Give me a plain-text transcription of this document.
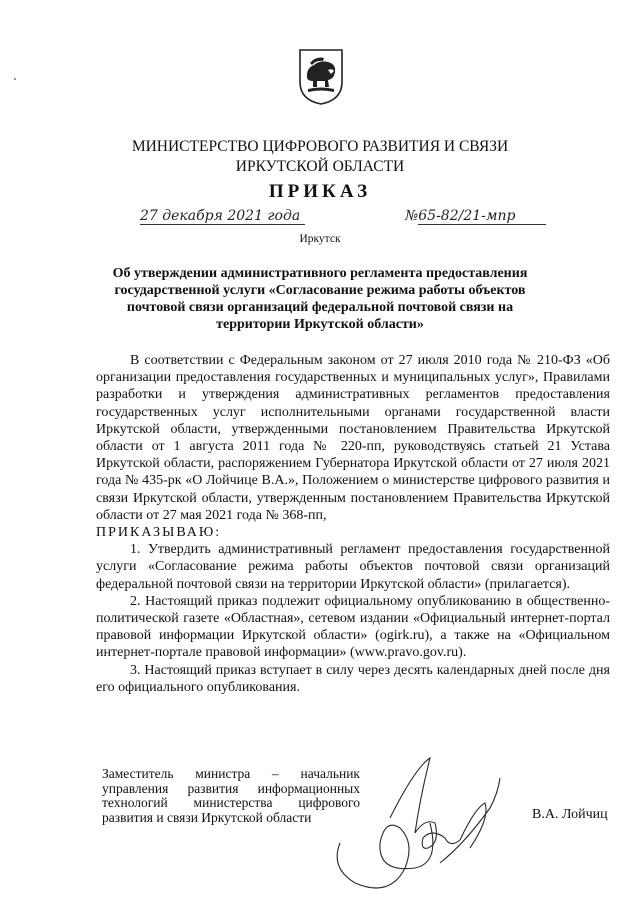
МИНИСТЕРСТВО ЦИФРОВОГО РАЗВИТИЯ И СВЯЗИ
ИРКУТСКОЙ ОБЛАСТИ
ПРИКАЗ
27 декабря 2021 года	№65-82/21-мпр
Иркутск
Об утверждении административного регламента предоставления государственной услуги «Согласование режима работы объектов почтовой связи организаций федеральной почтовой связи на территории Иркутской области»

В соответствии с Федеральным законом от 27 июля 2010 года № 210-ФЗ «Об организации предоставления государственных и муниципальных услуг», Правилами разработки и утверждения административных регламентов предоставления государственных услуг исполнительными органами государственной власти Иркутской области, утвержденными постановлением Правительства Иркутской области от 1 августа 2011 года № 220-пп, руководствуясь статьей 21 Устава Иркутской области, распоряжением Губернатора Иркутской области от 27 июля 2021 года № 435-рк «О Лойчице В.А.», Положением о министерстве цифрового развития и связи Иркутской области, утвержденным постановлением Правительства Иркутской области от 27 мая 2021 года № 368-пп,

ПРИКАЗЫВАЮ:

1. Утвердить административный регламент предоставления государственной услуги «Согласование режима работы объектов почтовой связи организаций федеральной почтовой связи на территории Иркутской области» (прилагается).

2. Настоящий приказ подлежит официальному опубликованию в общественно-политической газете «Областная», сетевом издании «Официальный интернет-портал правовой информации Иркутской области» (ogirk.ru), а также на «Официальном интернет-портале правовой информации» (www.pravo.gov.ru).

3. Настоящий приказ вступает в силу через десять календарных дней после дня его официального опубликования.

Заместитель министра – начальник управления развития информационных технологий министерства цифрового развития и связи Иркутской области	В.А. Лойчиц
